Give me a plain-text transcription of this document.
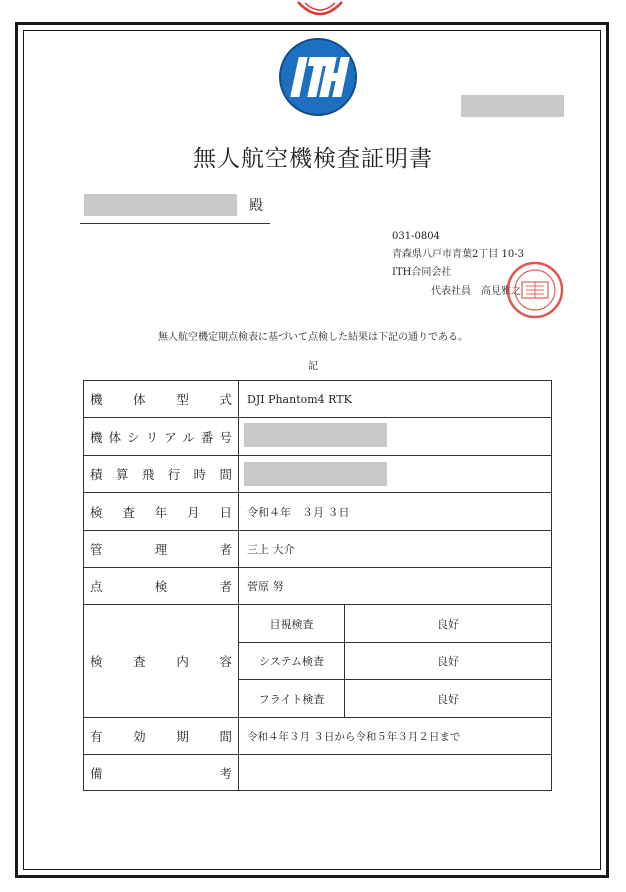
無人航空機検査証明書
殿
031-0804
青森県八戸市青葉2丁目 10-3
ITH合同会社
代表社員　高見雅之
無人航空機定期点検表に基づいて点検した結果は下記の通りである。
記
機体型式 DJI Phantom4 RTK
機体シリアル番号
積算飛行時間
検査年月日 令和４年　３月 ３日
管理者 三上 大介
点検者 菅原 努
検査内容
目視検査	良好
システム検査	良好
フライト検査	良好
有効期間 令和４年３月 ３日から令和５年３月２日まで
備考
